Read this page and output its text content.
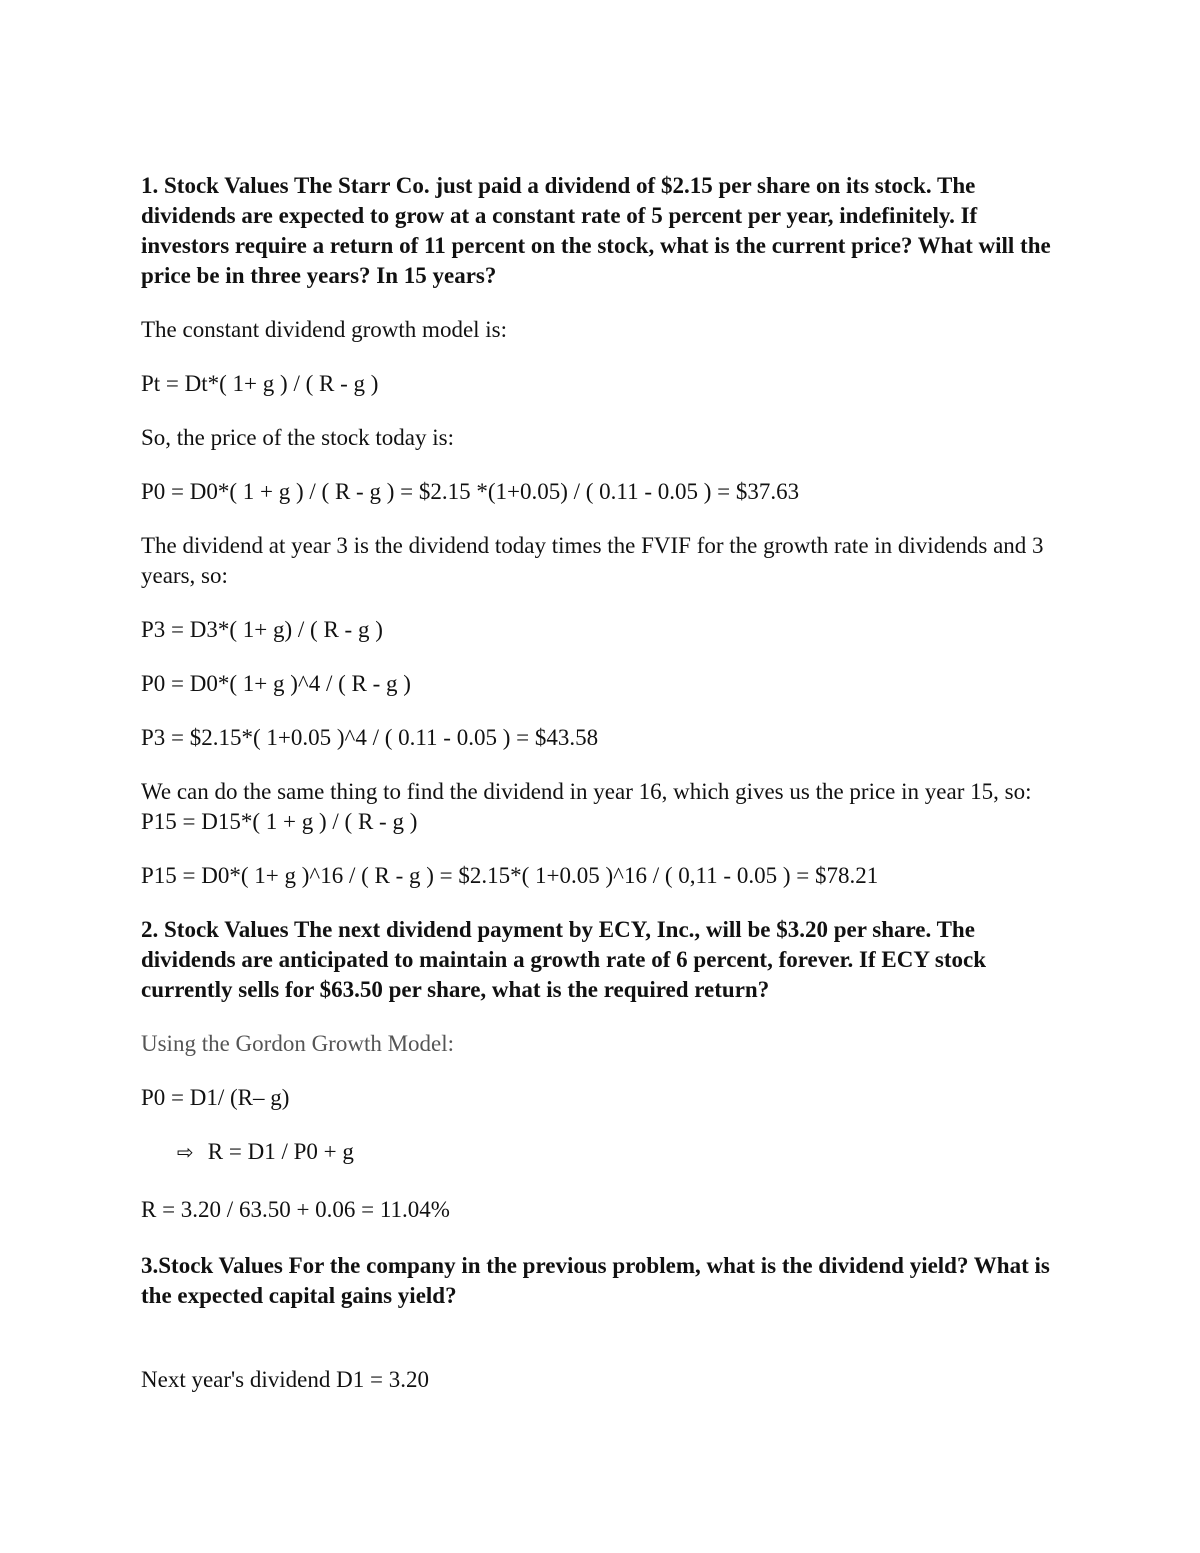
1. Stock Values The Starr Co. just paid a dividend of $2.15 per share on its stock. The dividends are expected to grow at a constant rate of 5 percent per year, indefinitely. If investors require a return of 11 percent on the stock, what is the current price? What will the price be in three years? In 15 years?

The constant dividend growth model is:

Pt = Dt*( 1+ g ) / ( R - g )

So, the price of the stock today is:

P0 = D0*( 1 + g ) / ( R - g ) = $2.15 *(1+0.05) / ( 0.11 - 0.05 ) = $37.63

The dividend at year 3 is the dividend today times the FVIF for the growth rate in dividends and 3 years, so:

P3 = D3*( 1+ g) / ( R - g )

P0 = D0*( 1+ g )^4 / ( R - g )

P3 = $2.15*( 1+0.05 )^4 / ( 0.11 - 0.05 ) = $43.58

We can do the same thing to find the dividend in year 16, which gives us the price in year 15, so: P15 = D15*( 1 + g ) / ( R - g )

P15 = D0*( 1+ g )^16 / ( R - g ) = $2.15*( 1+0.05 )^16 / ( 0,11 - 0.05 ) = $78.21

2. Stock Values The next dividend payment by ECY, Inc., will be $3.20 per share. The dividends are anticipated to maintain a growth rate of 6 percent, forever. If ECY stock currently sells for $63.50 per share, what is the required return?

Using the Gordon Growth Model:

P0 = D1/ (R– g)

⇨ R = D1 / P0 + g

R = 3.20 / 63.50 + 0.06 = 11.04%

3.Stock Values For the company in the previous problem, what is the dividend yield? What is the expected capital gains yield?

Next year's dividend D1 = 3.20
